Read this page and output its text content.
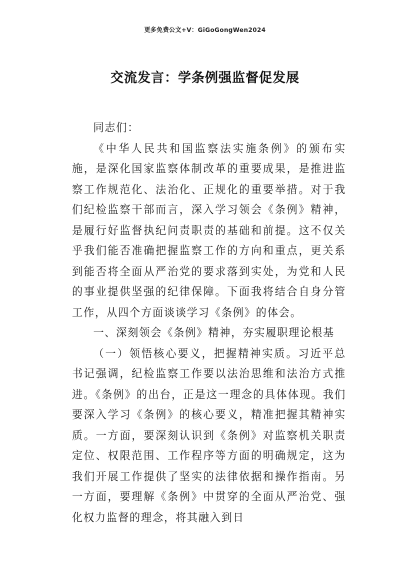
更多免费公文+V：GiGoGongWen2024
交流发言：学条例强监督促发展

同志们：

《中华人民共和国监察法实施条例》的颁布实施，是深化国家监察体制改革的重要成果，是推进监察工作规范化、法治化、正规化的重要举措。对于我们纪检监察干部而言，深入学习领会《条例》精神，是履行好监督执纪问责职责的基础和前提。这不仅关乎我们能否准确把握监察工作的方向和重点，更关系到能否将全面从严治党的要求落到实处，为党和人民的事业提供坚强的纪律保障。下面我将结合自身分管工作，从四个方面谈谈学习《条例》的体会。

一、深刻领会《条例》精神，夯实履职理论根基

（一）领悟核心要义，把握精神实质。习近平总书记强调，纪检监察工作要以法治思维和法治方式推进。《条例》的出台，正是这一理念的具体体现。我们要深入学习《条例》的核心要义，精准把握其精神实质。一方面，要深刻认识到《条例》对监察机关职责定位、权限范围、工作程序等方面的明确规定，这为我们开展工作提供了坚实的法律依据和操作指南。另一方面，要理解《条例》中贯穿的全面从严治党、强化权力监督的理念，将其融入到日
